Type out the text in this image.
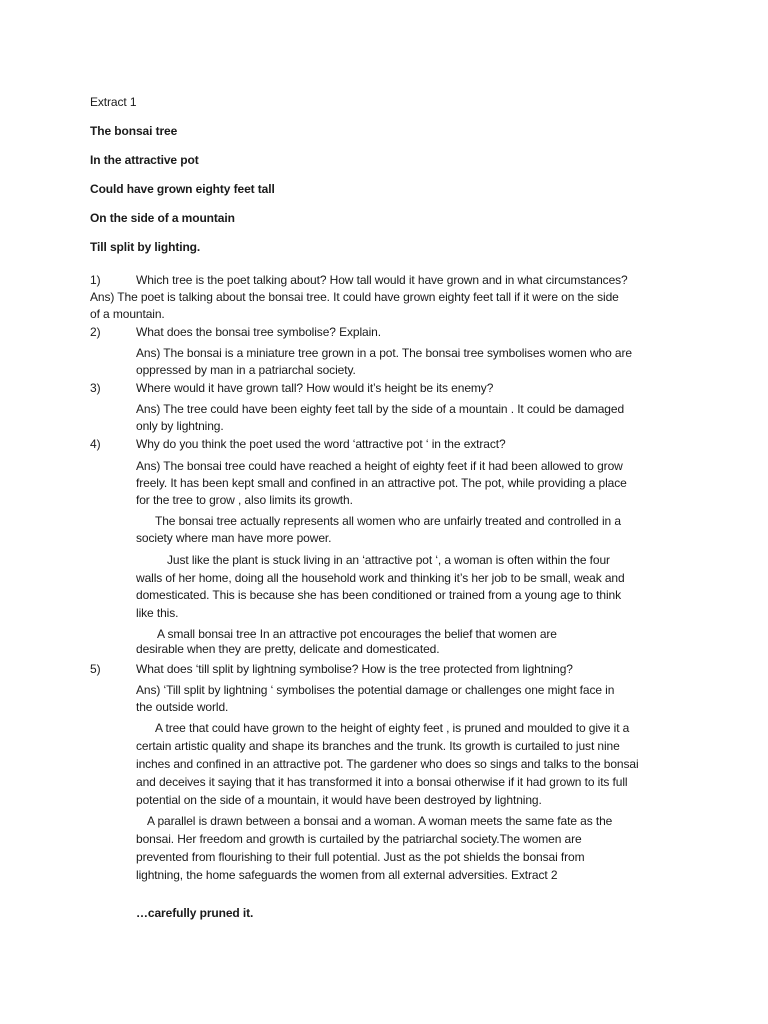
Extract 1
The bonsai tree
In the attractive pot
Could have grown eighty feet tall
On the side of a mountain
Till split by lighting.
1)	Which tree is the poet talking about? How tall would it have grown and in what circumstances?
Ans) The poet is talking about the bonsai tree. It could have grown eighty feet tall if it were on the side
of a mountain.
2)	What does the bonsai tree symbolise? Explain.
Ans) The bonsai is a miniature tree grown in a pot. The bonsai tree symbolises women who are
oppressed by man in a patriarchal society.
3)	Where would it have grown tall? How would it’s height be its enemy?
Ans) The tree could have been eighty feet tall by the side of a mountain . It could be damaged
only by lightning.
4)	Why do you think the poet used the word ‘attractive pot ‘ in the extract?
Ans) The bonsai tree could have reached a height of eighty feet if it had been allowed to grow
freely. It has been kept small and confined in an attractive pot. The pot, while providing a place
for the tree to grow , also limits its growth.
The bonsai tree actually represents all women who are unfairly treated and controlled in a
society where man have more power.
Just like the plant is stuck living in an ‘attractive pot ‘, a woman is often within the four
walls of her home, doing all the household work and thinking it’s her job to be small, weak and
domesticated. This is because she has been conditioned or trained from a young age to think
like this.
A small bonsai tree In an attractive pot encourages the belief that women are
desirable when they are pretty, delicate and domesticated.
5)	What does ‘till split by lightning symbolise? How is the tree protected from lightning?
Ans) ‘Till split by lightning ‘ symbolises the potential damage or challenges one might face in
the outside world.
A tree that could have grown to the height of eighty feet , is pruned and moulded to give it a
certain artistic quality and shape its branches and the trunk. Its growth is curtailed to just nine
inches and confined in an attractive pot. The gardener who does so sings and talks to the bonsai
and deceives it saying that it has transformed it into a bonsai otherwise if it had grown to its full
potential on the side of a mountain, it would have been destroyed by lightning.
A parallel is drawn between a bonsai and a woman. A woman meets the same fate as the
bonsai. Her freedom and growth is curtailed by the patriarchal society.The women are
prevented from flourishing to their full potential. Just as the pot shields the bonsai from
lightning, the home safeguards the women from all external adversities. Extract 2
…carefully pruned it.
